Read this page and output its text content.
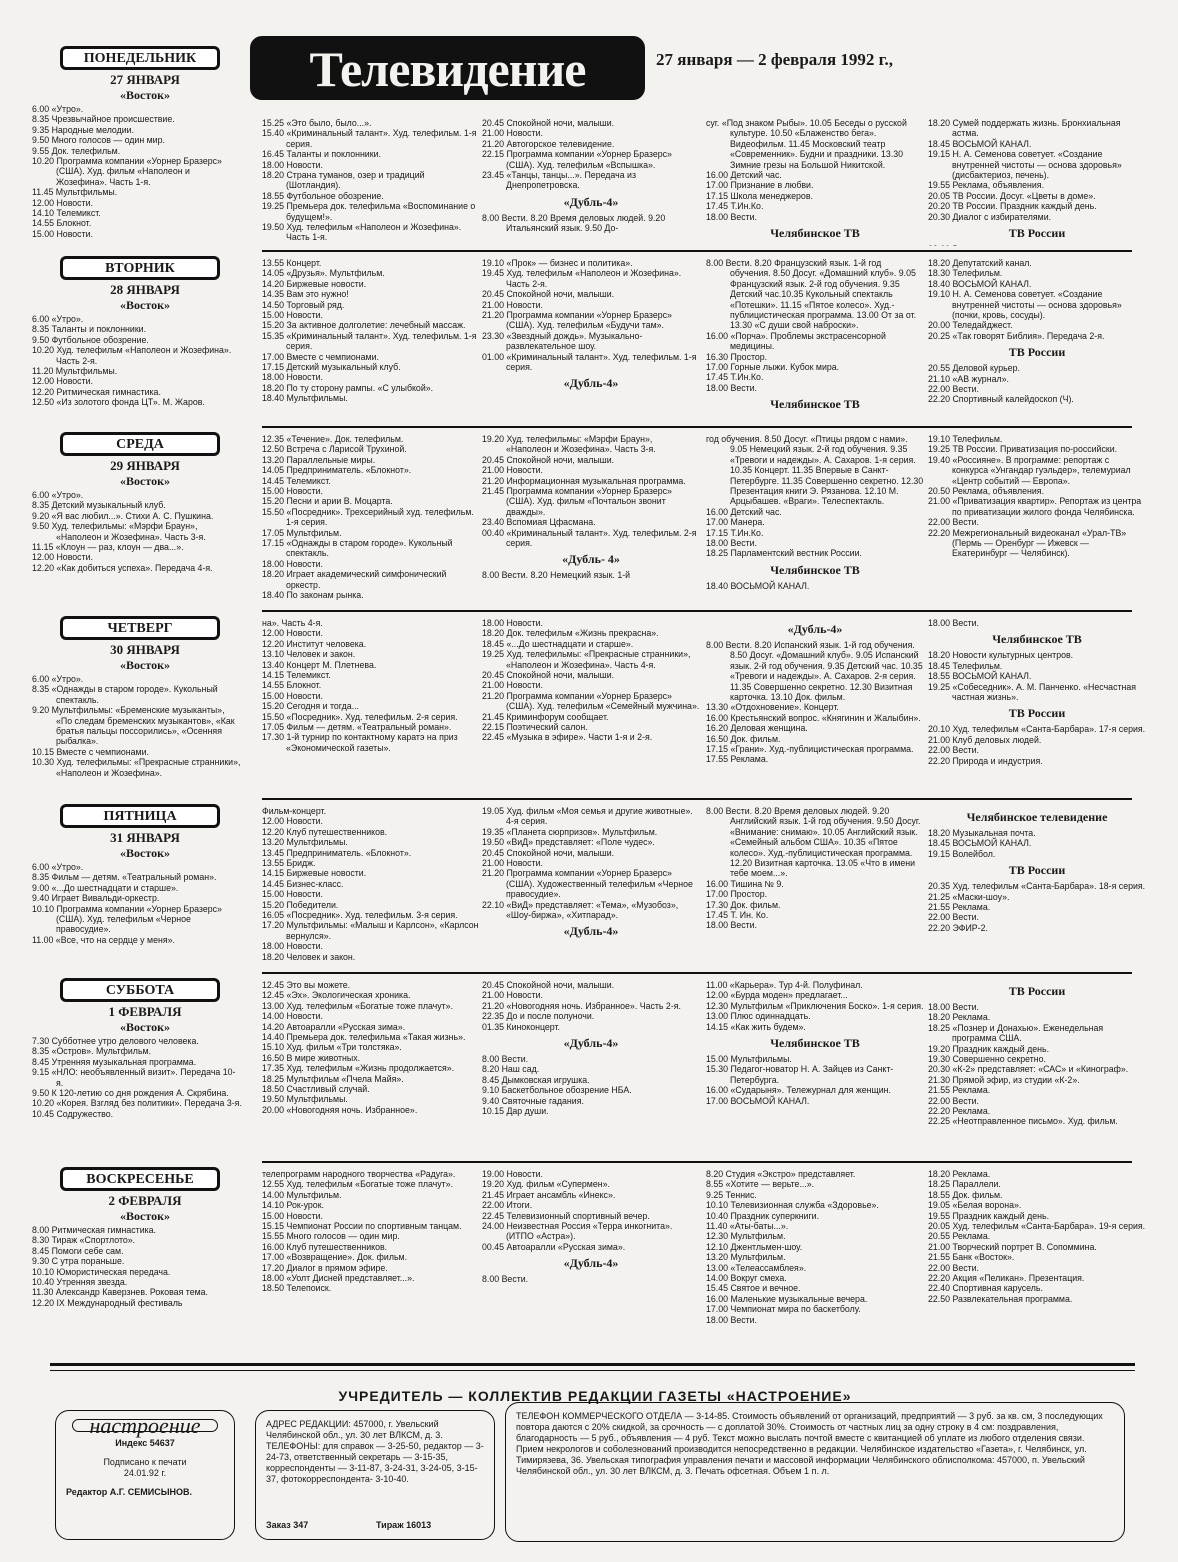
Телевидение	27 января — 2 февраля 1992 г.,
ПОНЕДЕЛЬНИК
27 ЯНВАРЯ
«Восток»
6.00 «Утро».
8.35 Чрезвычайное происшествие.
9.35 Народные мелодии.
9.50 Много голосов — один мир.
9.55 Док. телефильм.
10.20 Программа компании «Уорнер Бразерс» (США). Худ. фильм «Наполеон и Жозефина». Часть 1-я.
11.45 Мультфильмы.
12.00 Новости.
14.10 Телемикст.
14.55 Блокнот.
15.00 Новости.
15.25 «Это было, было...».
15.40 «Криминальный талант». Худ. телефильм. 1-я серия.
16.45 Таланты и поклонники.
18.00 Новости.
18.20 Страна туманов, озер и традиций (Шотландия).
18.55 Футбольное обозрение.
19.25 Премьера док. телефильма «Воспоминание о будущем!».
19.50 Худ. телефильм «Наполеон и Жозефина». Часть 1-я.
20.45 Спокойной ночи, малыши.
21.00 Новости.
21.20 Автогорское телевидение.
22.15 Программа компании «Уорнер Бразерс» (США). Худ. телефильм «Вспышка».
23.45 «Танцы, танцы...». Передача из Днепропетровска.
«Дубль-4»
8.00 Вести. 8.20 Время деловых людей. 9.20 Итальянский язык. 9.50 До-
суг. «Под знаком Рыбы». 10.05 Беседы о русской культуре. 10.50 «Блаженство бега». Видеофильм. 11.45 Московский театр «Современник». Будни и праздники. 13.30 Зимние грезы на Большой Никитской.
16.00 Детский час.
17.00 Признание в любви.
17.15 Школа менеджеров.
17.45 Т.Ин.Ко.
18.00 Вести.
Челябинское ТВ
18.20 Сумей поддержать жизнь. Бронхиальная астма.
18.45 ВОСЬМОЙ КАНАЛ.
19.15 Н. А. Семенова советует. «Создание внутренней чистоты — основа здоровья» (дисбактериоз, печень).
19.55 Реклама, объявления.
20.05 ТВ России. Досуг. «Цветы в доме».
20.20 ТВ России. Праздник каждый день.
20.30 Диалог с избирателями.
ТВ России
ВТОРНИК
28 ЯНВАРЯ
«Восток»
6.00 «Утро».
8.35 Таланты и поклонники.
9.50 Футбольное обозрение.
10.20 Худ. телефильм «Наполеон и Жозефина». Часть 2-я.
11.20 Мультфильмы.
12.00 Новости.
12.20 Ритмическая гимнастика.
12.50 «Из золотого фонда ЦТ». М. Жаров.
13.55 Концерт.
14.05 «Друзья». Мультфильм.
14.20 Биржевые новости.
14.35 Вам это нужно!
14.50 Торговый ряд.
15.00 Новости.
15.20 За активное долголетие: лечебный массаж.
15.35 «Криминальный талант». Худ. телефильм. 1-я серия.
17.00 Вместе с чемпионами.
17.15 Детский музыкальный клуб.
18.00 Новости.
18.20 По ту сторону рампы. «С улыбкой».
18.40 Мультфильмы.
19.10 «Прок» — бизнес и политика».
19.45 Худ. телефильм «Наполеон и Жозефина». Часть 2-я.
20.45 Спокойной ночи, малыши.
21.00 Новости.
21.20 Программа компании «Уорнер Бразерс» (США). Худ. телефильм «Будучи там».
23.30 «Звездный дождь». Музыкально-развлекательное шоу.
01.00 «Криминальный талант». Худ. телефильм. 1-я серия.
«Дубль-4»
8.00 Вести. 8.20 Французский язык. 1-й год обучения. 8.50 Досуг. «Домашний клуб». 9.05 Французский язык. 2-й год обучения. 9.35 Детский час.10.35 Кукольный спектакль «Потешки». 11.15 «Пятое колесо». Худ.-публицистическая программа. 13.00 От за от. 13.30 «С души свой наброски».
16.00 «Порча». Проблемы экстрасенсорной медицины.
16.30 Простор.
17.00 Горные лыжи. Кубок мира.
17.45 Т.Ин.Ко.
18.00 Вести.
Челябинское ТВ
18.20 Депутатский канал.
18.30 Телефильм.
18.40 ВОСЬМОЙ КАНАЛ.
19.10 Н. А. Семенова советует. «Создание внутренней чистоты — основа здоровья» (почки, кровь, сосуды).
20.00 Теледайджест.
20.25 «Так говорят Библия». Передача 2-я.
ТВ России
20.55 Деловой курьер.
21.10 «АВ журнал».
22.00 Вести.
22.20 Спортивный калейдоскоп (Ч).
СРЕДА
29 ЯНВАРЯ
«Восток»
6.00 «Утро».
8.35 Детский музыкальный клуб.
9.20 «Я вас любил...». Стихи А. С. Пушкина.
9.50 Худ. телефильмы: «Мэрфи Браун», «Наполеон и Жозефина». Часть 3-я.
11.15 «Клоун — раз, клоун — два...».
12.00 Новости.
12.20 «Как добиться успеха». Передача 4-я.
12.35 «Течение». Док. телефильм.
12.50 Встреча с Ларисой Трухиной.
13.20 Параллельные миры.
14.05 Предприниматель. «Блокнот».
14.45 Телемикст.
15.00 Новости.
15.20 Песни и арии В. Моцарта.
15.50 «Посредник». Трехсерийный худ. телефильм. 1-я серия.
17.05 Мультфильм.
17.15 «Однажды в старом городе». Кукольный спектакль.
18.00 Новости.
18.20 Играет академический симфонический оркестр.
18.40 По законам рынка.
19.20 Худ. телефильмы: «Мэрфи Браун», «Наполеон и Жозефина». Часть 3-я.
20.45 Спокойной ночи, малыши.
21.00 Новости.
21.20 Информационная музыкальная программа.
21.45 Программа компании «Уорнер Бразерс» (США). Худ. фильм «Почтальон звонит дважды».
23.40 Вспомиая Цфасмана.
00.40 «Криминальный талант». Худ. телефильм. 2-я серия.
«Дубль- 4»
8.00 Вести. 8.20 Немецкий язык. 1-й
год обучения. 8.50 Досуг. «Птицы рядом с нами». 9.05 Немецкий язык. 2-й год обучения. 9.35 «Тревоги и надежды». А. Сахаров. 1-я серия. 10.35 Концерт. 11.35 Впервые в Санкт-Петербурге. 11.35 Совершенно секретно. 12.30 Презентация книги Э. Рязанова. 12.10 М. Арцыбашев. «Враги». Телеспектакль.
16.00 Детский час.
17.00 Манера.
17.15 Т.Ин.Ко.
18.00 Вести.
18.25 Парламентский вестник России.
Челябинское ТВ
18.40 ВОСЬМОЙ КАНАЛ.
19.10 Телефильм.
19.25 ТВ России. Приватизация по-российски.
19.40 «Россияне». В программе: репортаж с конкурса «Унгандар гуэльдер», телемуриал «Центр событий — Европа».
20.50 Реклама, объявления.
21.00 «Приватизация квартир». Репортаж из центра по приватизации жилого фонда Челябинска.
22.00 Вести.
22.20 Межрегиональный видеоканал «Урал-ТВ» (Пермь — Оренбург — Ижевск — Екатеринбург — Челябинск).
ЧЕТВЕРГ
30 ЯНВАРЯ
«Восток»
6.00 «Утро».
8.35 «Однажды в старом городе». Кукольный спектакль.
9.20 Мультфильмы: «Бременские музыканты», «По следам бременских музыкантов», «Как братья пальцы поссорились», «Осенняя рыбалка».
10.15 Вместе с чемпионами.
10.30 Худ. телефильмы: «Прекрасные странники», «Наполеон и Жозефина».
на». Часть 4-я.
12.00 Новости.
12.20 Институт человека.
13.10 Человек и закон.
13.40 Концерт М. Плетнева.
14.15 Телемикст.
14.55 Блокнот.
15.00 Новости.
15.20 Сегодня и тогда...
15.50 «Посредник». Худ. телефильм. 2-я серия.
17.05 Фильм — детям. «Театральный роман».
17.30 1-й турнир по контактному каратэ на приз «Экономической газеты».
18.00 Новости.
18.20 Док. телефильм «Жизнь прекрасна».
18.45 «...До шестнадцати и старше».
19.25 Худ. телефильмы: «Прекрасные странники», «Наполеон и Жозефина». Часть 4-я.
20.45 Спокойной ночи, малыши.
21.00 Новости.
21.20 Программа компании «Уорнер Бразерс» (США). Худ. телефильм «Семейный мужчина».
21.45 Криминфорум сообщает.
22.15 Поэтический салон.
22.45 «Музыка в эфире». Части 1-я и 2-я.
«Дубль-4»
8.00 Вести. 8.20 Испанский язык. 1-й год обучения. 8.50 Досуг. «Домашний клуб». 9.05 Испанский язык. 2-й год обучения. 9.35 Детский час. 10.35 «Тревоги и надежды». А. Сахаров. 2-я серия. 11.35 Совершенно секретно. 12.30 Визитная карточка. 13.10 Док. фильм.
13.30 «Отдохновение». Концерт.
16.00 Крестьянский вопрос. «Княгинин и Жалыбин».
16.20 Деловая женщина.
16.50 Док. фильм.
17.15 «Грани». Худ.-публицистическая программа.
17.55 Реклама.
18.00 Вести.
Челябинское ТВ
18.20 Новости культурных центров.
18.45 Телефильм.
18.55 ВОСЬМОЙ КАНАЛ.
19.25 «Собеседник». А. М. Панченко. «Несчастная частная жизнь».
ТВ России
20.10 Худ. телефильм «Санта-Барбара». 17-я серия.
21.00 Клуб деловых людей.
22.00 Вести.
22.20 Природа и индустрия.
ПЯТНИЦА
31 ЯНВАРЯ
«Восток»
6.00 «Утро».
8.35 Фильм — детям. «Театральный роман».
9.00 «...До шестнадцати и старше».
9.40 Играет Вивальди-оркестр.
10.10 Программа компании «Уорнер Бразерс» (США). Худ. телефильм «Черное правосудие».
11.00 «Все, что на сердце у меня».
Фильм-концерт.
12.00 Новости.
12.20 Клуб путешественников.
13.20 Мультфильмы.
13.45 Предприниматель. «Блокнот».
13.55 Бридж.
14.15 Биржевые новости.
14.45 Бизнес-класс.
15.00 Новости.
15.20 Победители.
16.05 «Посредник». Худ. телефильм. 3-я серия.
17.20 Мультфильмы: «Малыш и Карлсон», «Карлсон вернулся».
18.00 Новости.
18.20 Человек и закон.
19.05 Худ. фильм «Моя семья и другие животные». 4-я серия.
19.35 «Планета сюрпризов». Мультфильм.
19.50 «ВиД» представляет: «Поле чудес».
20.45 Спокойной ночи, малыши.
21.00 Новости.
21.20 Программа компании «Уорнер Бразерс» (США). Художественный телефильм «Черное правосудие».
22.10 «ВиД» представляет: «Тема», «Музобоз», «Шоу-биржа», «Хитпарад».
«Дубль-4»
8.00 Вести. 8.20 Время деловых людей. 9.20 Английский язык. 1-й год обучения. 9.50 Досуг. «Внимание: снимаю». 10.05 Английский язык. «Семейный альбом США». 10.35 «Пятое колесо». Худ.-публицистическая программа. 12.20 Визитная карточка. 13.05 «Что в имени тебе моем...».
16.00 Тишина № 9.
17.00 Простор.
17.30 Док. фильм.
17.45 Т. Ин. Ко.
18.00 Вести.
Челябинское телевидение
18.20 Музыкальная почта.
18.45 ВОСЬМОЙ КАНАЛ.
19.15 Волейбол.
ТВ России
20.35 Худ. телефильм «Санта-Барбара». 18-я серия.
21.25 «Маски-шоу».
21.55 Реклама.
22.00 Вести.
22.20 ЭФИР-2.
СУББОТА
1 ФЕВРАЛЯ
«Восток»
7.30 Субботнее утро делового человека.
8.35 «Остров». Мультфильм.
8.45 Утренняя музыкальная программа.
9.15 «НЛО: необъявленный визит». Передача 10-я.
9.50 К 120-летию со дня рождения А. Скрябина.
10.20 «Корея. Взгляд без политики». Передача 3-я.
10.45 Содружество.
12.45 Это вы можете.
12.45 «Эх». Экологическая хроника.
13.00 Худ. телефильм «Богатые тоже плачут».
14.00 Новости.
14.20 Автоаралли «Русская зима».
14.40 Премьера док. телефильма «Такая жизнь».
15.10 Худ. фильм «Три толстяка».
16.50 В мире животных.
17.35 Худ. телефильм «Жизнь продолжается».
18.25 Мультфильм «Пчела Майя».
18.50 Счастливый случай.
19.50 Мультфильмы.
20.00 «Новогодняя ночь. Избранное».
20.45 Спокойной ночи, малыши.
21.00 Новости.
21.20 «Новогодняя ночь. Избранное». Часть 2-я.
22.35 До и после полуночи.
01.35 Киноконцерт.
«Дубль-4»
8.00 Вести.
8.20 Наш сад.
8.45 Дымковская игрушка.
9.10 Баскетбольное обозрение НБА.
9.40 Святочные гадания.
10.15 Дар души.
11.00 «Карьера». Тур 4-й. Полуфинал.
12.00 «Бурда моден» предлагает...
12.30 Мультфильм «Приключения Боско». 1-я серия.
13.00 Плюс одиннадцать.
14.15 «Как жить будем».
Челябинское ТВ
15.00 Мультфильмы.
15.30 Педагог-новатор Н. А. Зайцев из Санкт-Петербурга.
16.00 «Сударыня». Тележурнал для женщин.
17.00 ВОСЬМОЙ КАНАЛ.
ТВ России
18.00 Вести.
18.20 Реклама.
18.25 «Познер и Донахью». Еженедельная программа США.
19.20 Праздник каждый день.
19.30 Совершенно секретно.
20.30 «К-2» представляет: «САС» и «Кинограф».
21.30 Прямой эфир, из студии «К-2».
21.55 Реклама.
22.00 Вести.
22.20 Реклама.
22.25 «Неотправленное письмо». Худ. фильм.
ВОСКРЕСЕНЬЕ
2 ФЕВРАЛЯ
«Восток»
8.00 Ритмическая гимнастика.
8.30 Тираж «Спортлото».
8.45 Помоги себе сам.
9.30 С утра пораньше.
10.10 Юмористическая передача.
10.40 Утренняя звезда.
11.30 Александр Каверзнев. Роковая тема.
12.20 IX Международный фестиваль
телепрограмм народного творчества «Радуга».
12.55 Худ. телефильм «Богатые тоже плачут».
14.00 Мультфильм.
14.10 Рок-урок.
15.00 Новости.
15.15 Чемпионат России по спортивным танцам.
15.55 Много голосов — один мир.
16.00 Клуб путешественников.
17.00 «Возвращение». Док. фильм.
17.20 Диалог в прямом эфире.
18.00 «Уолт Дисней представляет...».
18.50 Телепоиск.
19.00 Новости.
19.20 Худ. фильм «Супермен».
21.45 Играет ансамбль «Инекс».
22.00 Итоги.
22.45 Телевизионный спортивный вечер.
24.00 Неизвестная Россия «Терра инкогнита». (ИТПО «Астра»).
00.45 Автоаралли «Русская зима».
«Дубль-4»
8.00 Вести.
8.20 Студия «Экстро» представляет.
8.55 «Хотите — верьте...».
9.25 Теннис.
10.10 Телевизионная служба «Здоровье».
10.40 Праздник суперкниги.
11.40 «Аты-баты...».
12.30 Мультфильм.
12.10 Джентльмен-шоу.
13.20 Мультфильм.
13.00 «Телеассамблея».
14.00 Вокруг смеха.
15.45 Святое и вечное.
16.00 Маленькие музыкальные вечера.
17.00 Чемпионат мира по баскетболу.
18.00 Вести.
18.20 Реклама.
18.25 Параллели.
18.55 Док. фильм.
19.05 «Белая ворона».
19.55 Праздник каждый день.
20.05 Худ. телефильм «Санта-Барбара». 19-я серия.
20.55 Реклама.
21.00 Творческий портрет В. Сопоммина.
21.55 Банк «Восток».
22.00 Вести.
22.20 Акция «Пеликан». Презентация.
22.40 Спортивная карусель.
22.50 Развлекательная программа.
УЧРЕДИТЕЛЬ — КОЛЛЕКТИВ РЕДАКЦИИ ГАЗЕТЫ «НАСТРОЕНИЕ»
настроение
Индекс 54637
Подписано к печати
24.01.92 г.
Редактор А.Г. СЕМИСЫНОВ.
АДРЕС РЕДАКЦИИ: 457000, г. Увельский Челябинской обл., ул. 30 лет ВЛКСМ, д. 3. ТЕЛЕФОНЫ: для справок — 3-25-50, редактор — 3-24-73, ответственный секретарь — 3-15-35, корреспонденты — 3-11-87, 3-24-31, 3-24-05, 3-15-37, фотокорреспондента- 3-10-40.
Заказ 347	Тираж 16013
ТЕЛЕФОН КОММЕРЧЕСКОГО ОТДЕЛА — 3-14-85. Стоимость объявлений от организаций, предприятий — 3 руб. за кв. см, 3 последующих повтора даются с 20% скидкой, за срочность — с доплатой 30%. Стоимость от частных лиц за одну строку в 4 см: поздравления, благодарность — 5 руб., объявления — 4 руб. Текст можно выслать почтой вместе с квитанцией об уплате из любого отделения связи. Прием некрологов и соболезнований производится непосредственно в редакции. Челябинское издательство «Газета», г. Челябинск, ул. Тимирязева, 36. Увельская типография управления печати и массовой информации Челябинского облисполкома: 457000, п. Увельский Челябинской обл., ул. 30 лет ВЛКСМ, д. 3. Печать офсетная. Объем 1 п. л.
